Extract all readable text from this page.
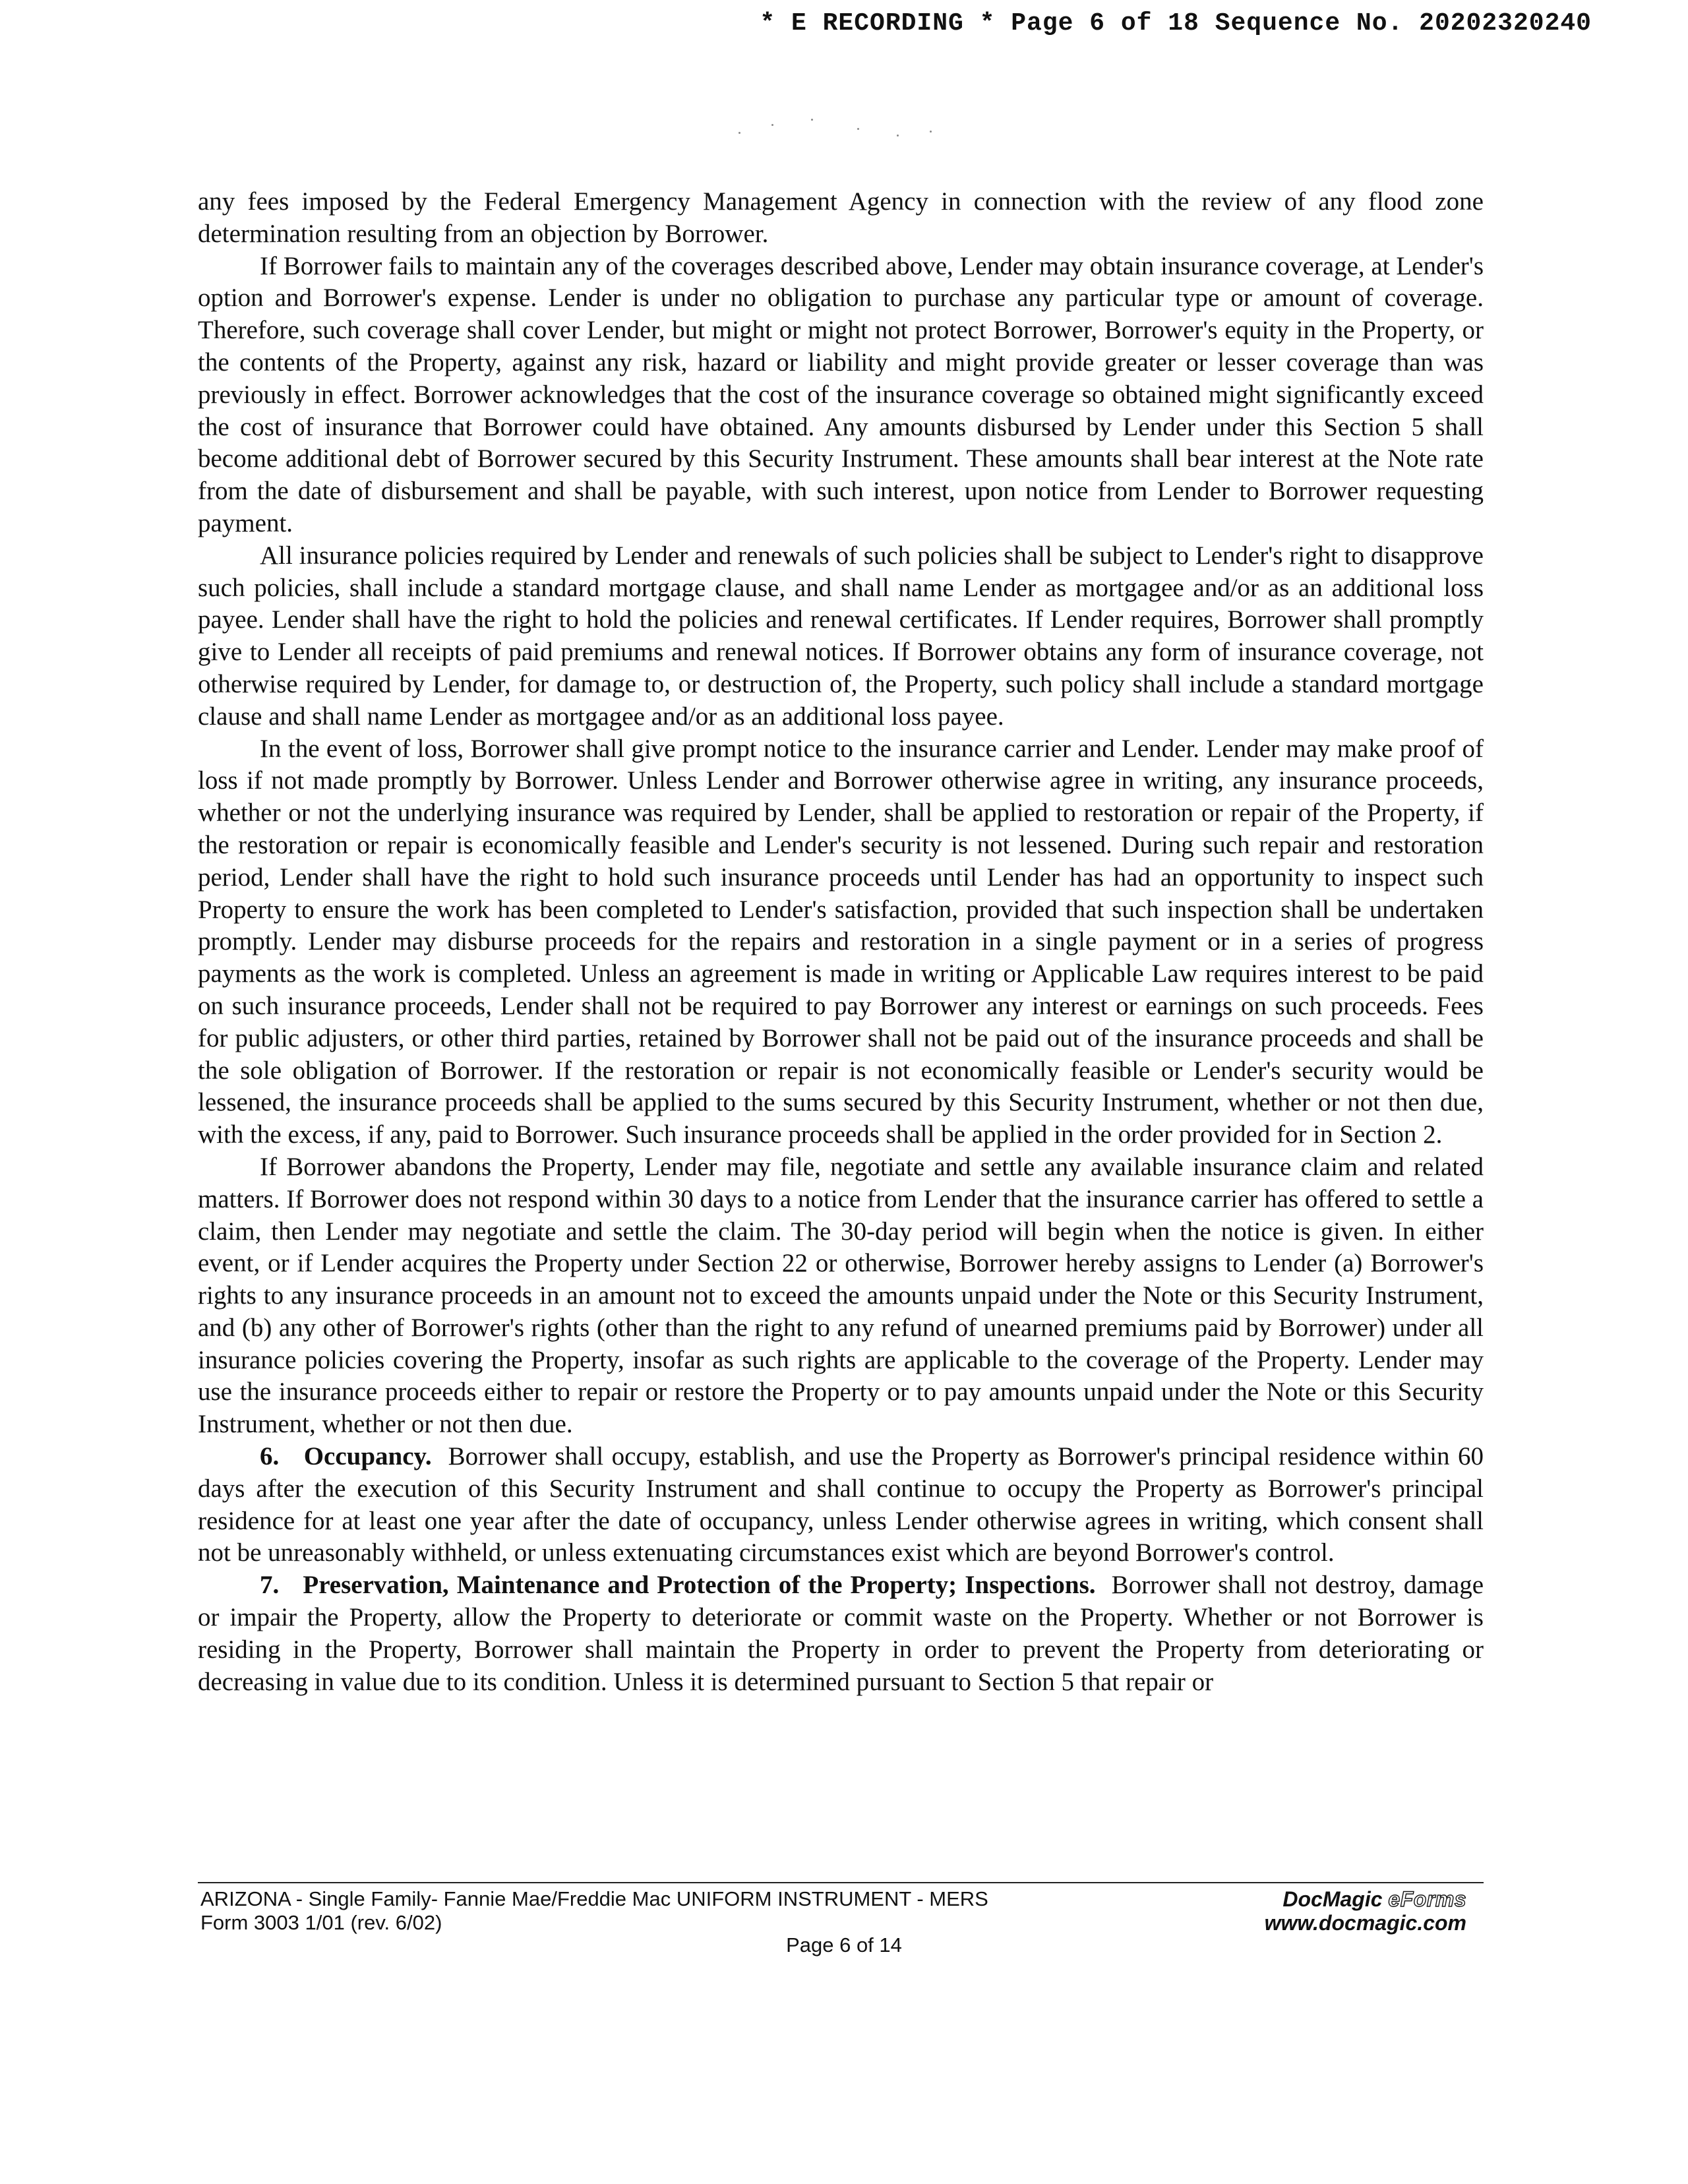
* E RECORDING * Page 6 of 18 Sequence No. 20202320240

any fees imposed by the Federal Emergency Management Agency in connection with the review of any flood zone determination resulting from an objection by Borrower.

If Borrower fails to maintain any of the coverages described above, Lender may obtain insurance coverage, at Lender's option and Borrower's expense. Lender is under no obligation to purchase any particular type or amount of coverage. Therefore, such coverage shall cover Lender, but might or might not protect Borrower, Borrower's equity in the Property, or the contents of the Property, against any risk, hazard or liability and might provide greater or lesser coverage than was previously in effect. Borrower acknowledges that the cost of the insurance coverage so obtained might significantly exceed the cost of insurance that Borrower could have obtained. Any amounts disbursed by Lender under this Section 5 shall become additional debt of Borrower secured by this Security Instrument. These amounts shall bear interest at the Note rate from the date of disbursement and shall be payable, with such interest, upon notice from Lender to Borrower requesting payment.

All insurance policies required by Lender and renewals of such policies shall be subject to Lender's right to disapprove such policies, shall include a standard mortgage clause, and shall name Lender as mortgagee and/or as an additional loss payee. Lender shall have the right to hold the policies and renewal certificates. If Lender requires, Borrower shall promptly give to Lender all receipts of paid premiums and renewal notices. If Borrower obtains any form of insurance coverage, not otherwise required by Lender, for damage to, or destruction of, the Property, such policy shall include a standard mortgage clause and shall name Lender as mortgagee and/or as an additional loss payee.

In the event of loss, Borrower shall give prompt notice to the insurance carrier and Lender. Lender may make proof of loss if not made promptly by Borrower. Unless Lender and Borrower otherwise agree in writing, any insurance proceeds, whether or not the underlying insurance was required by Lender, shall be applied to restoration or repair of the Property, if the restoration or repair is economically feasible and Lender's security is not lessened. During such repair and restoration period, Lender shall have the right to hold such insurance proceeds until Lender has had an opportunity to inspect such Property to ensure the work has been completed to Lender's satisfaction, provided that such inspection shall be undertaken promptly. Lender may disburse proceeds for the repairs and restoration in a single payment or in a series of progress payments as the work is completed. Unless an agreement is made in writing or Applicable Law requires interest to be paid on such insurance proceeds, Lender shall not be required to pay Borrower any interest or earnings on such proceeds. Fees for public adjusters, or other third parties, retained by Borrower shall not be paid out of the insurance proceeds and shall be the sole obligation of Borrower. If the restoration or repair is not economically feasible or Lender's security would be lessened, the insurance proceeds shall be applied to the sums secured by this Security Instrument, whether or not then due, with the excess, if any, paid to Borrower. Such insurance proceeds shall be applied in the order provided for in Section 2.

If Borrower abandons the Property, Lender may file, negotiate and settle any available insurance claim and related matters. If Borrower does not respond within 30 days to a notice from Lender that the insurance carrier has offered to settle a claim, then Lender may negotiate and settle the claim. The 30-day period will begin when the notice is given. In either event, or if Lender acquires the Property under Section 22 or otherwise, Borrower hereby assigns to Lender (a) Borrower's rights to any insurance proceeds in an amount not to exceed the amounts unpaid under the Note or this Security Instrument, and (b) any other of Borrower's rights (other than the right to any refund of unearned premiums paid by Borrower) under all insurance policies covering the Property, insofar as such rights are applicable to the coverage of the Property. Lender may use the insurance proceeds either to repair or restore the Property or to pay amounts unpaid under the Note or this Security Instrument, whether or not then due.

6. Occupancy. Borrower shall occupy, establish, and use the Property as Borrower's principal residence within 60 days after the execution of this Security Instrument and shall continue to occupy the Property as Borrower's principal residence for at least one year after the date of occupancy, unless Lender otherwise agrees in writing, which consent shall not be unreasonably withheld, or unless extenuating circumstances exist which are beyond Borrower's control.

7. Preservation, Maintenance and Protection of the Property; Inspections. Borrower shall not destroy, damage or impair the Property, allow the Property to deteriorate or commit waste on the Property. Whether or not Borrower is residing in the Property, Borrower shall maintain the Property in order to prevent the Property from deteriorating or decreasing in value due to its condition. Unless it is determined pursuant to Section 5 that repair or

ARIZONA - Single Family- Fannie Mae/Freddie Mac UNIFORM INSTRUMENT - MERS
Form 3003 1/01 (rev. 6/02)
DocMagic eForms
www.docmagic.com
Page 6 of 14
